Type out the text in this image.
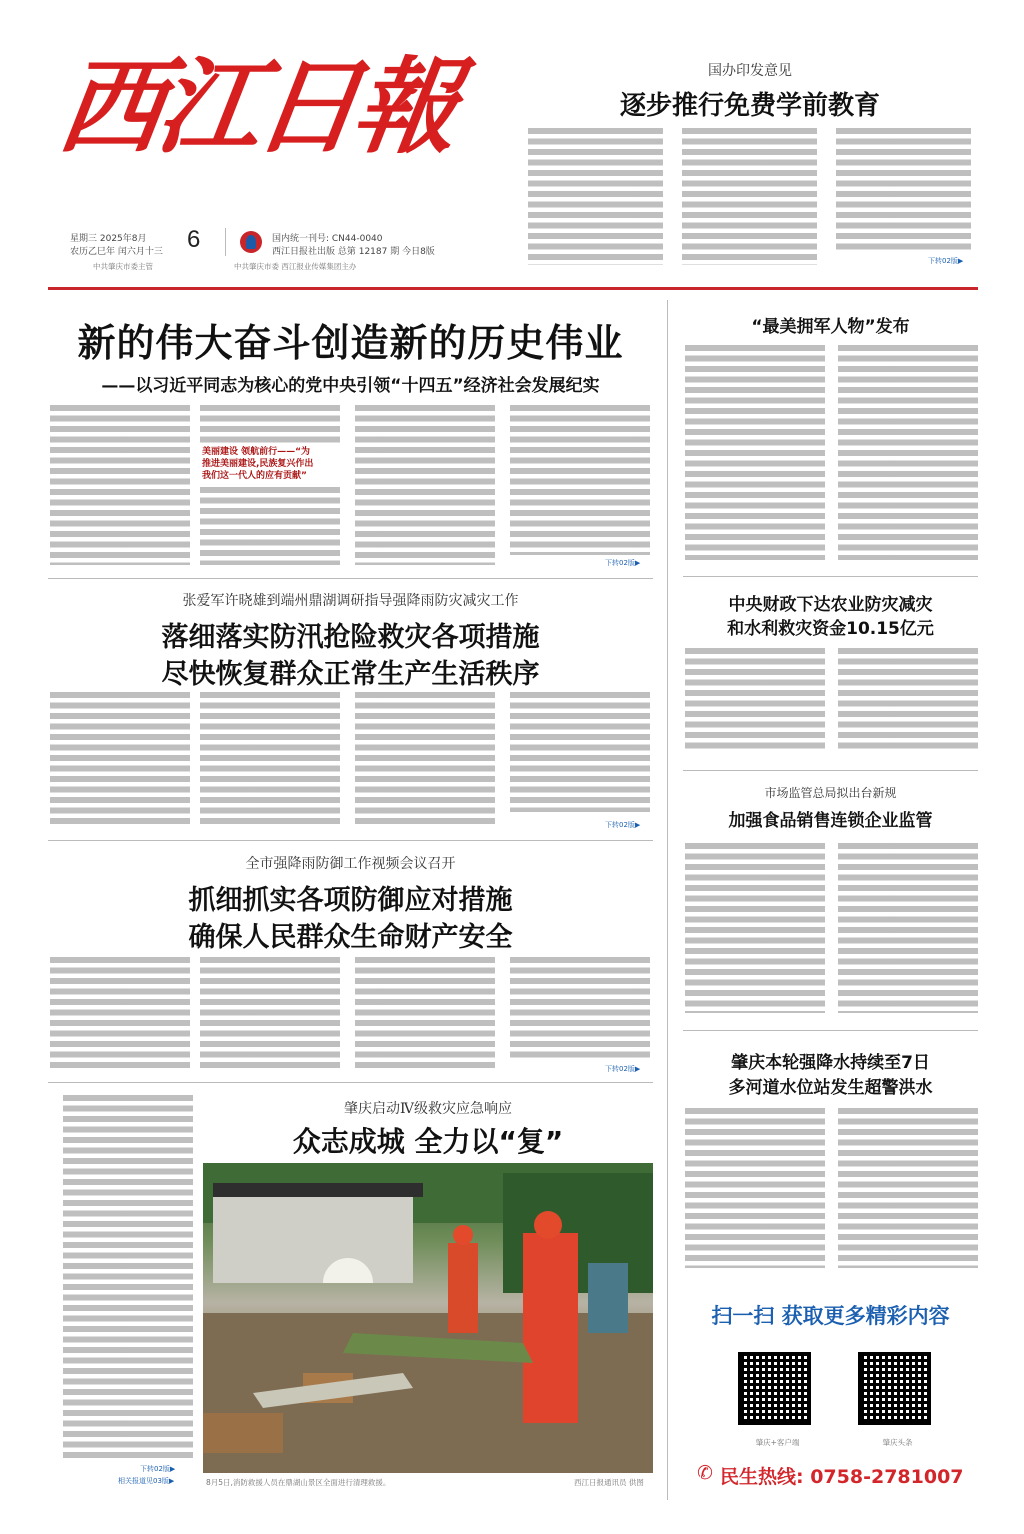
西江日報
星期三 2025年8月
农历乙巳年 闰六月十三 6	国内统一刊号: CN44-0040
西江日报社出版 总第 12187 期 今日8版
中共肇庆市委主管	中共肇庆市委 西江报业传媒集团主办
国办印发意见
逐步推行免费学前教育
下转02版▶
新的伟大奋斗创造新的历史伟业
——以习近平同志为核心的党中央引领“十四五”经济社会发展纪实
美丽建设 领航前行——“为
推进美丽建设,民族复兴作出
我们这一代人的应有贡献”
下转02版▶
张爱军许晓雄到端州鼎湖调研指导强降雨防灾减灾工作
落细落实防汛抢险救灾各项措施
尽快恢复群众正常生产生活秩序
下转02版▶
全市强降雨防御工作视频会议召开
抓细抓实各项防御应对措施
确保人民群众生命财产安全
下转02版▶
下转02版▶
相关报道见03版▶
肇庆启动Ⅳ级救灾应急响应
众志成城 全力以“复”
8月5日,消防救援人员在鼎湖山景区全面进行清理救援。	西江日报通讯员 供图
“最美拥军人物”发布
中央财政下达农业防灾减灾
和水利救灾资金10.15亿元
市场监管总局拟出台新规
加强食品销售连锁企业监管
肇庆本轮强降水持续至7日
多河道水位站发生超警洪水
扫一扫 获取更多精彩内容
肇庆+客户端	肇庆头条
✆ 民生热线: 0758-2781007
